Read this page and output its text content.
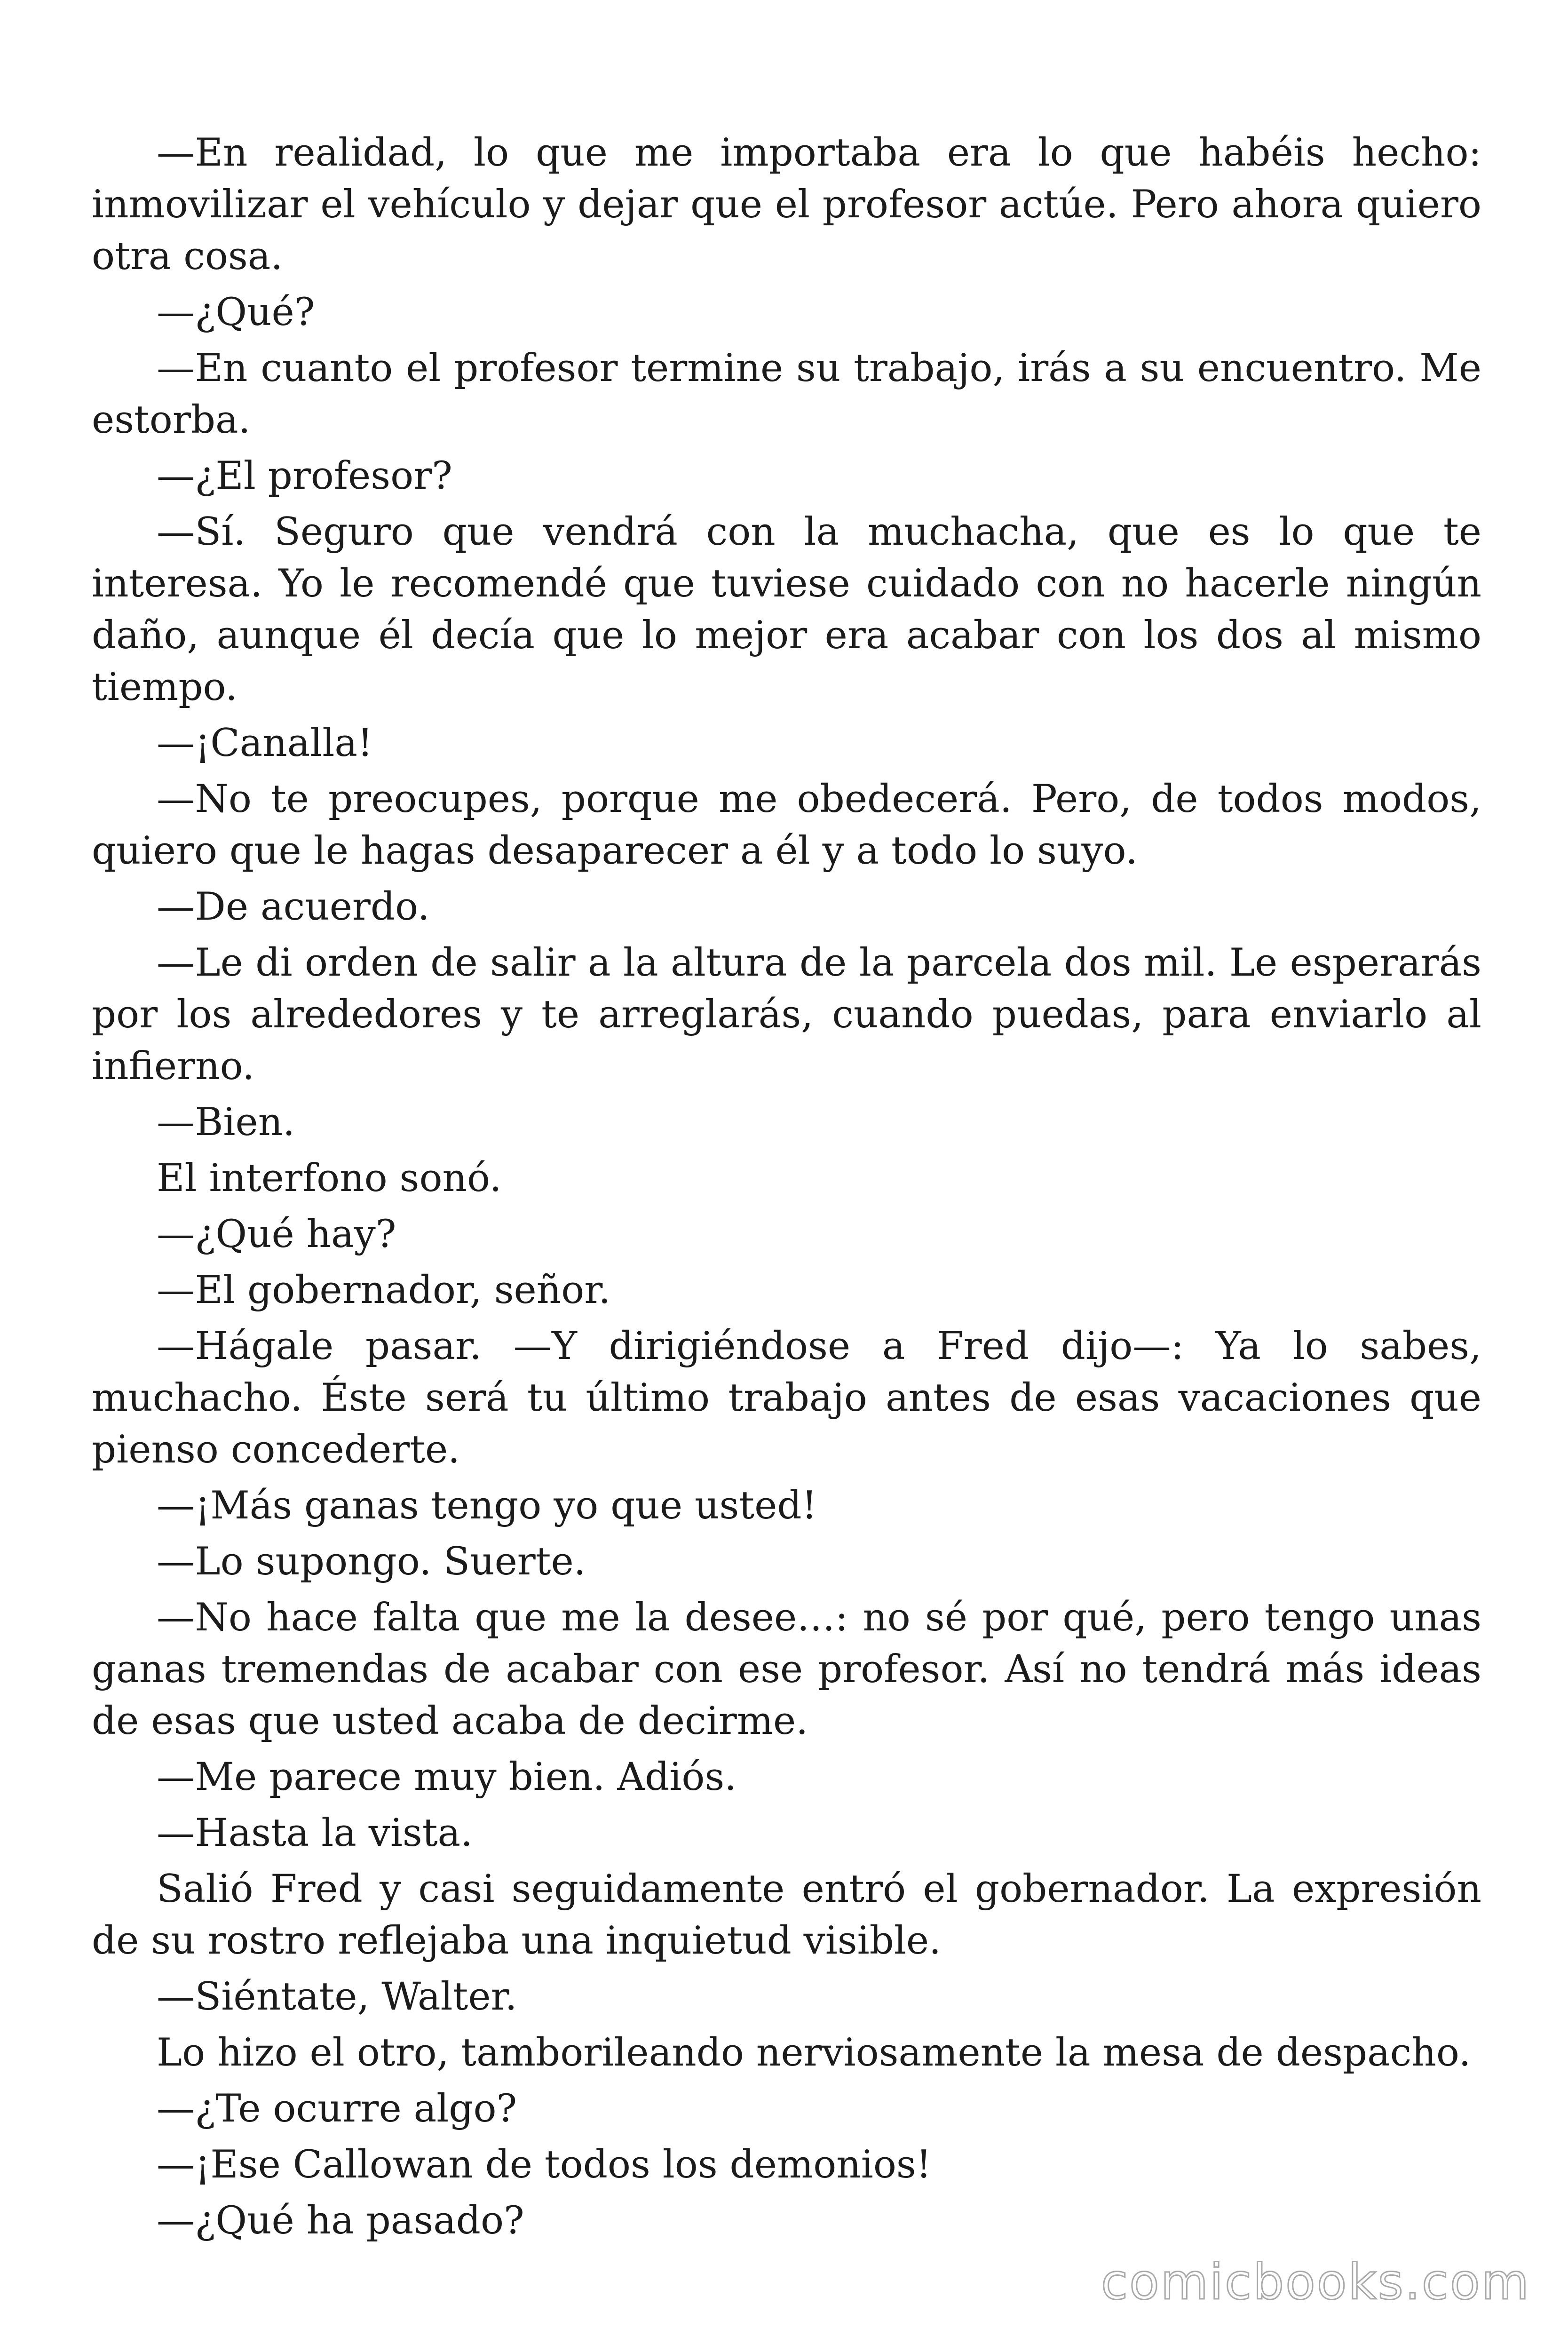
—En realidad, lo que me importaba era lo que habéis hecho: inmovilizar el vehículo y dejar que el profesor actúe. Pero ahora quiero otra cosa.

—¿Qué?

—En cuanto el profesor termine su trabajo, irás a su encuentro. Me estorba.

—¿El profesor?

—Sí. Seguro que vendrá con la muchacha, que es lo que te interesa. Yo le recomendé que tuviese cuidado con no hacerle ningún daño, aunque él decía que lo mejor era acabar con los dos al mismo tiempo.

—¡Canalla!

—No te preocupes, porque me obedecerá. Pero, de todos modos, quiero que le hagas desaparecer a él y a todo lo suyo.

—De acuerdo.

—Le di orden de salir a la altura de la parcela dos mil. Le esperarás por los alrededores y te arreglarás, cuando puedas, para enviarlo al infierno.

—Bien.

El interfono sonó.

—¿Qué hay?

—El gobernador, señor.

—Hágale pasar. —Y dirigiéndose a Fred dijo—: Ya lo sabes, muchacho. Éste será tu último trabajo antes de esas vacaciones que pienso concederte.

—¡Más ganas tengo yo que usted!

—Lo supongo. Suerte.

—No hace falta que me la desee…: no sé por qué, pero tengo unas ganas tremendas de acabar con ese profesor. Así no tendrá más ideas de esas que usted acaba de decirme.

—Me parece muy bien. Adiós.

—Hasta la vista.

Salió Fred y casi seguidamente entró el gobernador. La expresión de su rostro reflejaba una inquietud visible.

—Siéntate, Walter.

Lo hizo el otro, tamborileando nerviosamente la mesa de despacho.

—¿Te ocurre algo?

—¡Ese Callowan de todos los demonios!

—¿Qué ha pasado?

comicbooks.com
